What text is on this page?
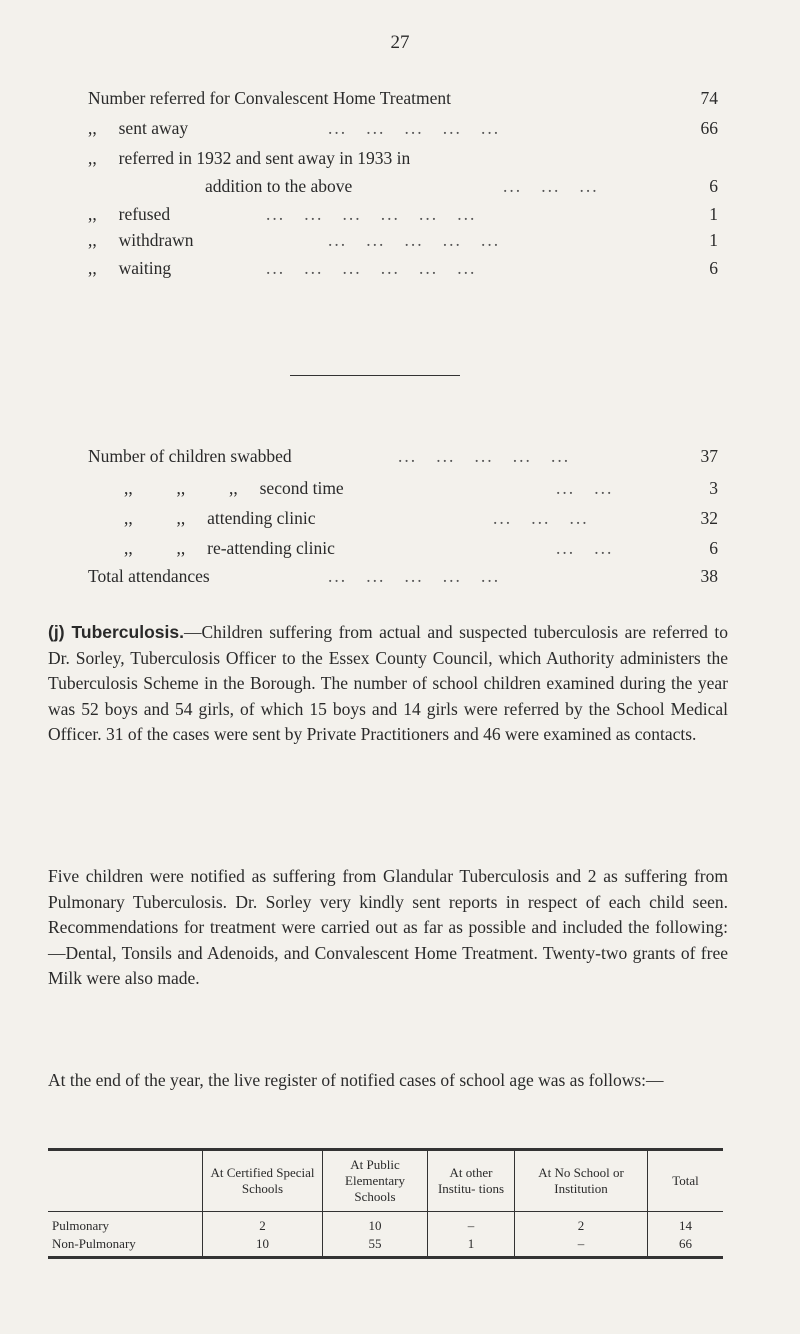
27
Number referred for Convalescent Home Treatment	74
,,     sent away	...   ...   ...   ...   ...	66
,,     referred in 1932 and sent away in 1933 in
addition to the above	...   ...   ...	6
,,     refused	...   ...   ...   ...   ...   ...	1
,,     withdrawn	...   ...   ...   ...   ...	1
,,     waiting	...   ...   ...   ...   ...   ...	6
Number of children swabbed	...   ...   ...   ...   ...	37
,,          ,,          ,,     second time	...   ...	3
,,          ,,     attending clinic	...   ...   ...	32
,,          ,,     re-attending clinic	...   ...	6
Total attendances	...   ...   ...   ...   ...	38

(j) Tuberculosis.—Children suffering from actual and suspected tuberculosis are referred to Dr. Sorley, Tuberculosis Officer to the Essex County Council, which Authority administers the Tuberculosis Scheme in the Borough. The number of school children examined during the year was 52 boys and 54 girls, of which 15 boys and 14 girls were referred by the School Medical Officer. 31 of the cases were sent by Private Practitioners and 46 were examined as contacts.

Five children were notified as suffering from Glandular Tuberculosis and 2 as suffering from Pulmonary Tuberculosis. Dr. Sorley very kindly sent reports in respect of each child seen. Recommendations for treatment were carried out as far as possible and included the following:—Dental, Tonsils and Adenoids, and Convalescent Home Treatment. Twenty-two grants of free Milk were also made.

At the end of the year, the live register of notified cases of school age was as follows:—

	At Certified Special Schools	At Public Elementary Schools	At other Institu- tions	At No School or Institution	Total
Pulmonary	2	10	–	2	14
Non-Pulmonary	10	55	1	–	66
